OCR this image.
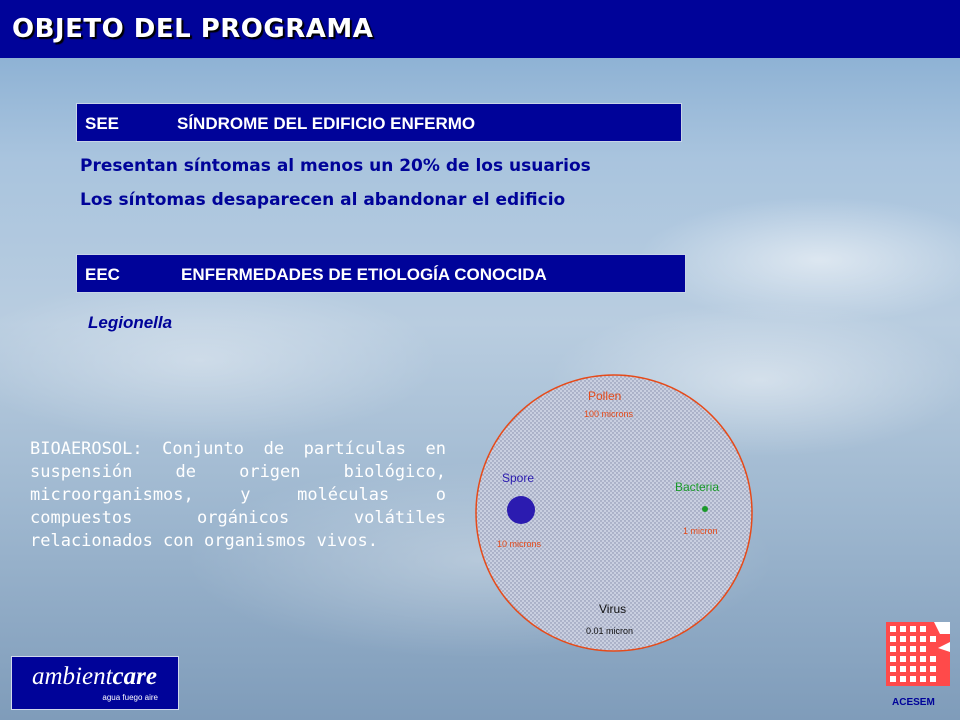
OBJETO DEL PROGRAMA
SEE	SÍNDROME DEL EDIFICIO ENFERMO
Presentan síntomas al menos un 20% de los usuarios
Los síntomas desaparecen al abandonar el edificio
EEC	ENFERMEDADES DE ETIOLOGÍA CONOCIDA
Legionella
BIOAEROSOL: Conjunto de partículas en suspensión de origen biológico, microorganismos, y moléculas o compuestos orgánicos volátiles relacionados con organismos vivos.
Pollen
100 microns
Spore
10 microns
Bacteria
1 micron
Virus
0.01 micron
ambientcare
agua fuego aire	ACESEM
